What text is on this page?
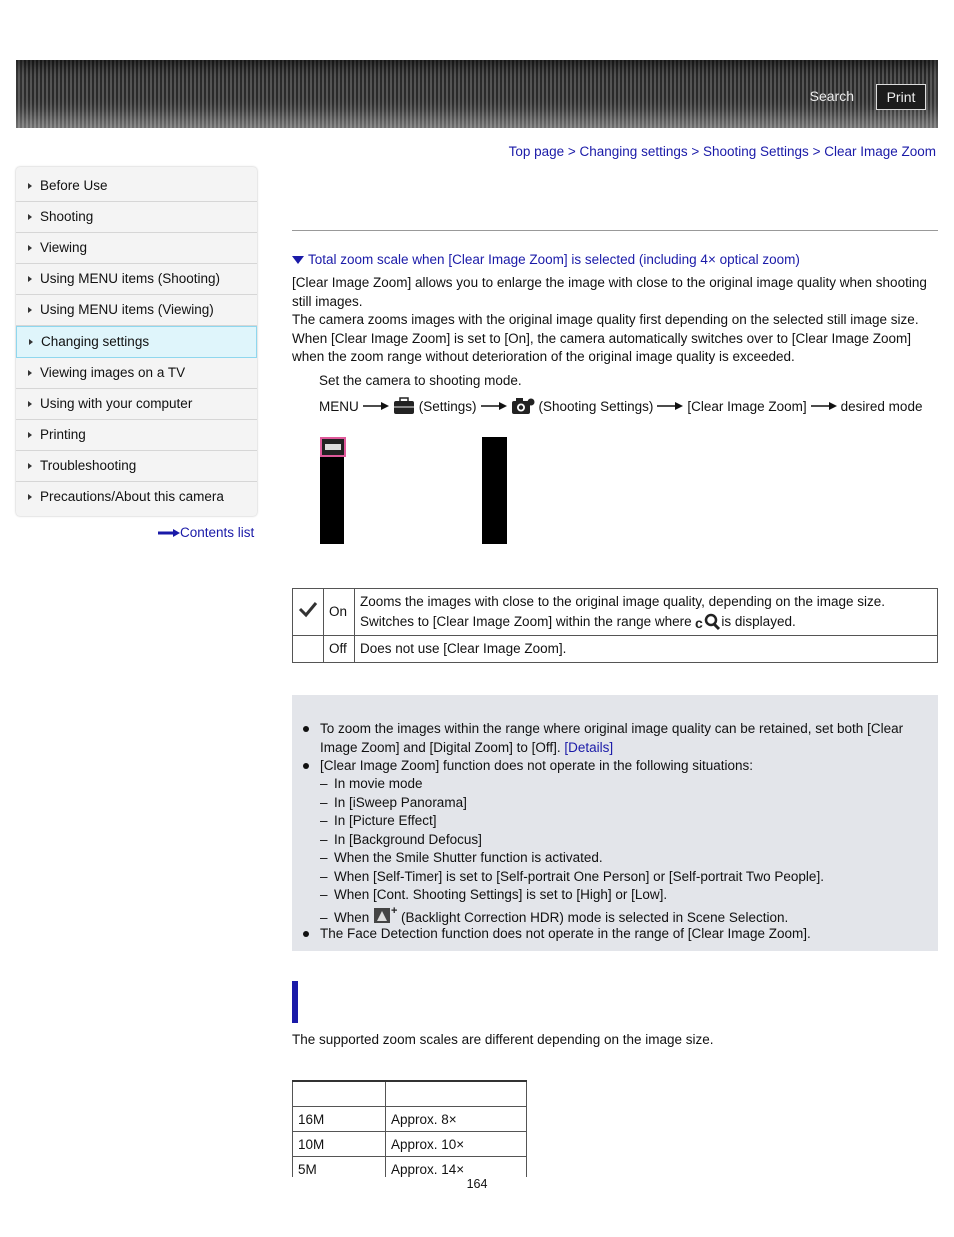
Search	Print
Top page > Changing settings > Shooting Settings > Clear Image Zoom
Before Use
Shooting
Viewing
Using MENU items (Shooting)
Using MENU items (Viewing)
Changing settings
Viewing images on a TV
Using with your computer
Printing
Troubleshooting
Precautions/About this camera
Contents list
Total zoom scale when [Clear Image Zoom] is selected (including 4× optical zoom)
[Clear Image Zoom] allows you to enlarge the image with close to the original image quality when shooting still images.
The camera zooms images with the original image quality first depending on the selected still image size. When [Clear Image Zoom] is set to [On], the camera automatically switches over to [Clear Image Zoom] when the zoom range without deterioration of the original image quality is exceeded.
Set the camera to shooting mode.
MENU	(Settings)	(Shooting Settings)	[Clear Image Zoom]	desired mode
	On	Zooms the images with close to the original image quality, depending on the image size.
Switches to [Clear Image Zoom] within the range where c is displayed.

	Off	Does not use [Clear Image Zoom].
To zoom the images within the range where original image quality can be retained, set both [Clear Image Zoom] and [Digital Zoom] to [Off]. [Details]
[Clear Image Zoom] function does not operate in the following situations:
– In movie mode
– In [iSweep Panorama]
– In [Picture Effect]
– In [Background Defocus]
– When the Smile Shutter function is activated.
– When [Self-Timer] is set to [Self-portrait One Person] or [Self-portrait Two People].
– When [Cont. Shooting Settings] is set to [High] or [Low].
– When + (Backlight Correction HDR) mode is selected in Scene Selection.
The Face Detection function does not operate in the range of [Clear Image Zoom].
The supported zoom scales are different depending on the image size.

16M	Approx. 8×
10M	Approx. 10×
5M	Approx. 14×
164
